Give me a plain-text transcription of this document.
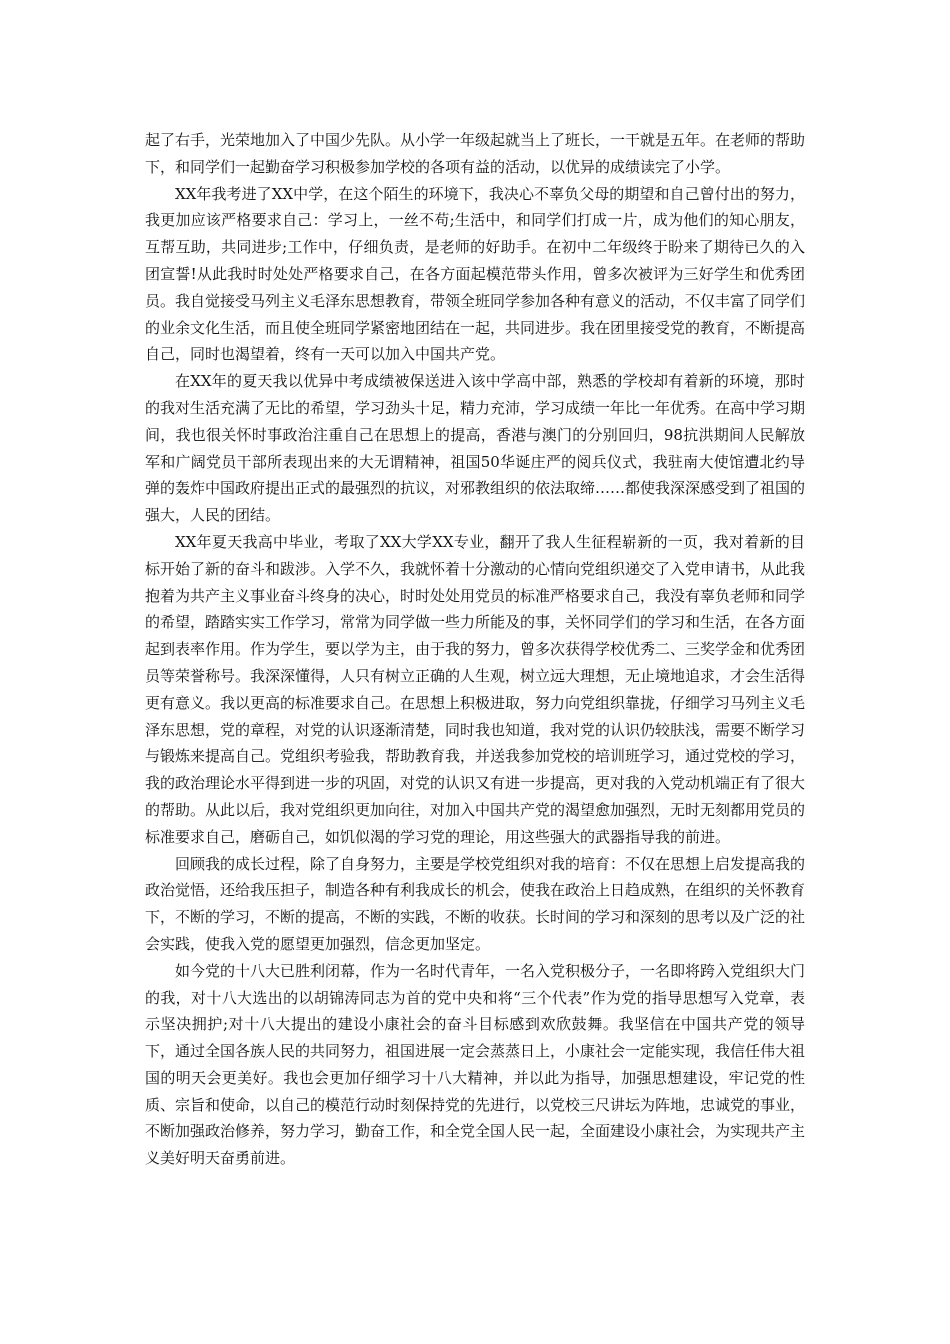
起了右手，光荣地加入了中国少先队。从小学一年级起就当上了班长，一干就是五年。在老师的帮助下，和同学们一起勤奋学习积极参加学校的各项有益的活动，以优异的成绩读完了小学。

XX年我考进了XX中学，在这个陌生的环境下，我决心不辜负父母的期望和自己曾付出的努力，我更加应该严格要求自己：学习上，一丝不苟;生活中，和同学们打成一片，成为他们的知心朋友，互帮互助，共同进步;工作中，仔细负责，是老师的好助手。在初中二年级终于盼来了期待已久的入团宣誓!从此我时时处处严格要求自己，在各方面起模范带头作用，曾多次被评为三好学生和优秀团员。我自觉接受马列主义毛泽东思想教育，带领全班同学参加各种有意义的活动，不仅丰富了同学们的业余文化生活，而且使全班同学紧密地团结在一起，共同进步。我在团里接受党的教育，不断提高自己，同时也渴望着，终有一天可以加入中国共产党。

在XX年的夏天我以优异中考成绩被保送进入该中学高中部，熟悉的学校却有着新的环境，那时的我对生活充满了无比的希望，学习劲头十足，精力充沛，学习成绩一年比一年优秀。在高中学习期间，我也很关怀时事政治注重自己在思想上的提高，香港与澳门的分别回归，98抗洪期间人民解放军和广阔党员干部所表现出来的大无谓精神，祖国50华诞庄严的阅兵仪式，我驻南大使馆遭北约导弹的轰炸中国政府提出正式的最强烈的抗议，对邪教组织的依法取缔……都使我深深感受到了祖国的强大，人民的团结。

XX年夏天我高中毕业，考取了XX大学XX专业，翻开了我人生征程崭新的一页，我对着新的目标开始了新的奋斗和跋涉。入学不久，我就怀着十分激动的心情向党组织递交了入党申请书，从此我抱着为共产主义事业奋斗终身的决心，时时处处用党员的标准严格要求自己，我没有辜负老师和同学的希望，踏踏实实工作学习，常常为同学做一些力所能及的事，关怀同学们的学习和生活，在各方面起到表率作用。作为学生，要以学为主，由于我的努力，曾多次获得学校优秀二、三奖学金和优秀团员等荣誉称号。我深深懂得，人只有树立正确的人生观，树立远大理想，无止境地追求，才会生活得更有意义。我以更高的标准要求自己。在思想上积极进取，努力向党组织靠拢，仔细学习马列主义毛泽东思想，党的章程，对党的认识逐渐清楚，同时我也知道，我对党的认识仍较肤浅，需要不断学习与锻炼来提高自己。党组织考验我，帮助教育我，并送我参加党校的培训班学习，通过党校的学习，我的政治理论水平得到进一步的巩固，对党的认识又有进一步提高，更对我的入党动机端正有了很大的帮助。从此以后，我对党组织更加向往，对加入中国共产党的渴望愈加强烈，无时无刻都用党员的标准要求自己，磨砺自己，如饥似渴的学习党的理论，用这些强大的武器指导我的前进。

回顾我的成长过程，除了自身努力，主要是学校党组织对我的培育：不仅在思想上启发提高我的政治觉悟，还给我压担子，制造各种有利我成长的机会，使我在政治上日趋成熟，在组织的关怀教育下，不断的学习，不断的提高，不断的实践，不断的收获。长时间的学习和深刻的思考以及广泛的社会实践，使我入党的愿望更加强烈，信念更加坚定。

如今党的十八大已胜利闭幕，作为一名时代青年，一名入党积极分子，一名即将跨入党组织大门的我，对十八大选出的以胡锦涛同志为首的党中央和将“三个代表”作为党的指导思想写入党章，表示坚决拥护;对十八大提出的建设小康社会的奋斗目标感到欢欣鼓舞。我坚信在中国共产党的领导下，通过全国各族人民的共同努力，祖国进展一定会蒸蒸日上，小康社会一定能实现，我信任伟大祖国的明天会更美好。我也会更加仔细学习十八大精神，并以此为指导，加强思想建设，牢记党的性质、宗旨和使命，以自己的模范行动时刻保持党的先进行，以党校三尺讲坛为阵地，忠诚党的事业，不断加强政治修养，努力学习，勤奋工作，和全党全国人民一起，全面建设小康社会，为实现共产主义美好明天奋勇前进。
